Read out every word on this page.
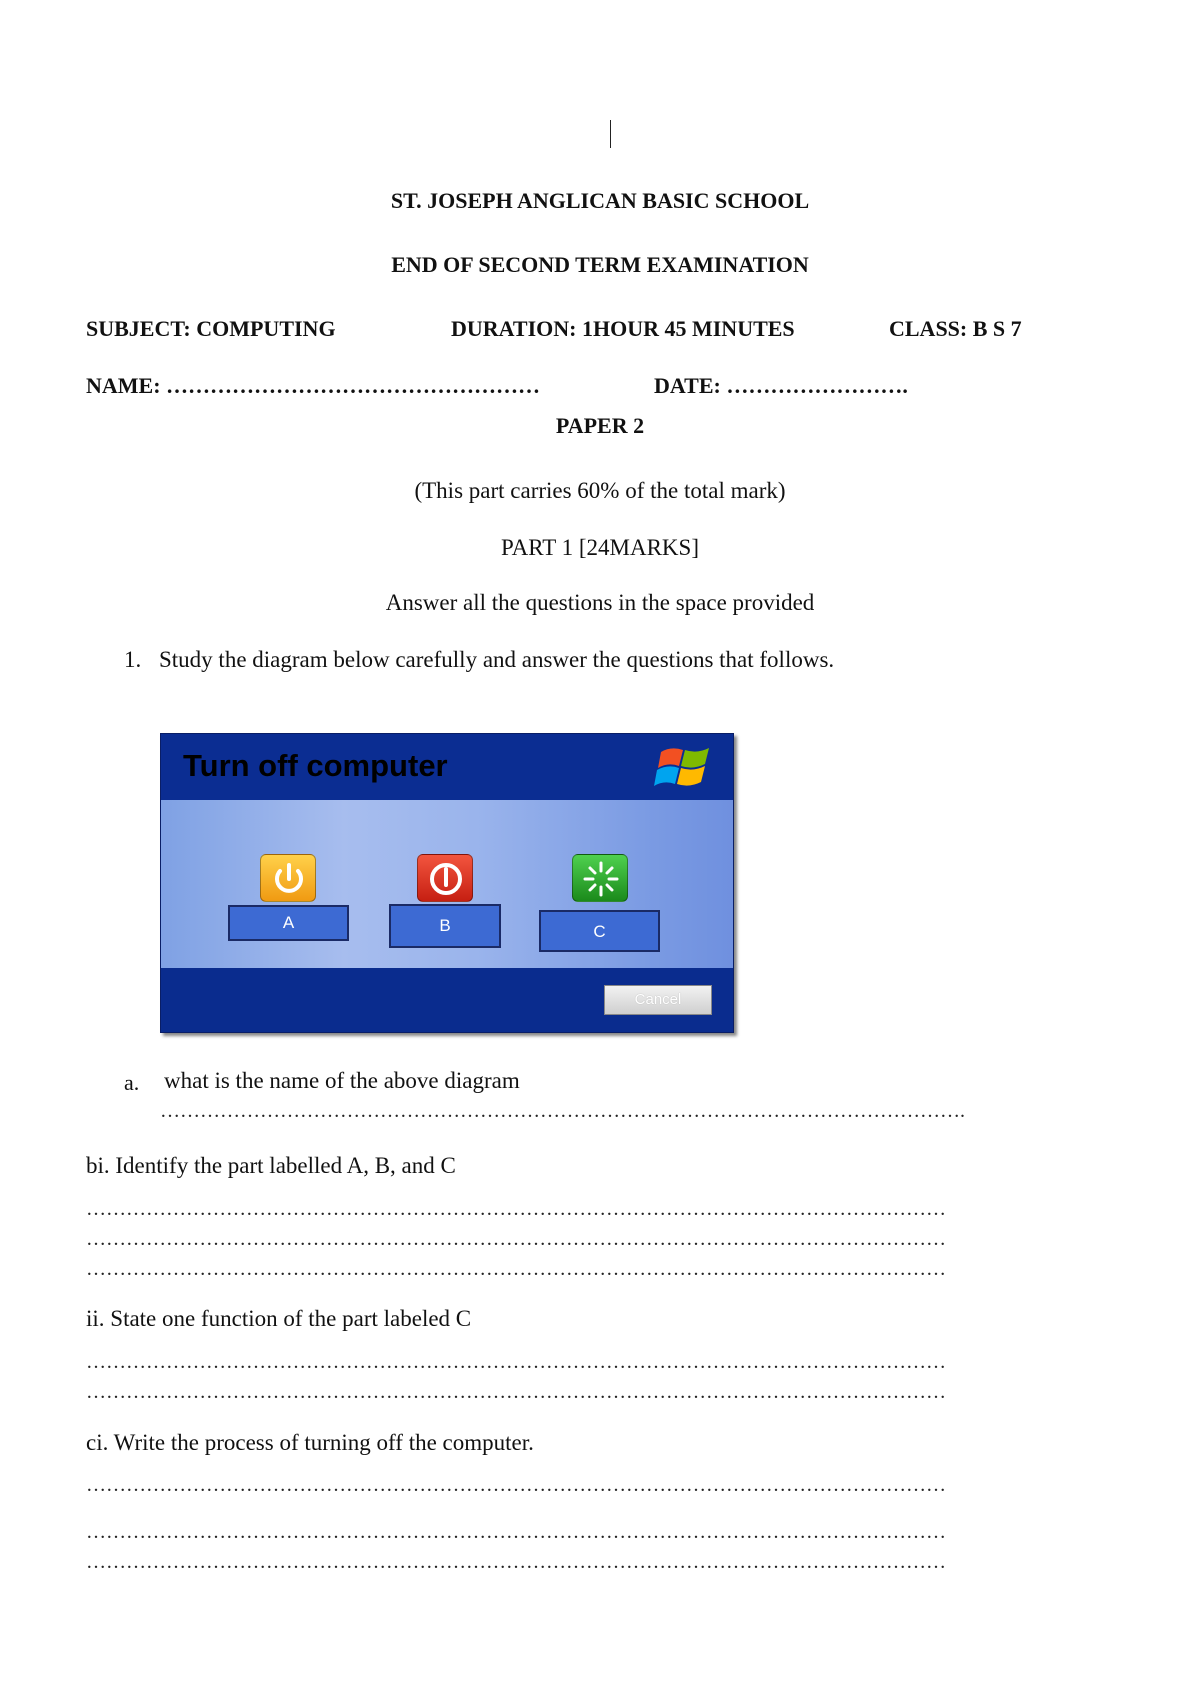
ST. JOSEPH ANGLICAN BASIC SCHOOL
END OF SECOND TERM EXAMINATION
SUBJECT: COMPUTING	DURATION: 1HOUR 45 MINUTES	CLASS: B S 7
NAME: ……………………………………………	DATE: …………………….
PAPER 2
(This part carries 60% of the total mark)
PART 1 [24MARKS]
Answer all the questions in the space provided
1. Study the diagram below carefully and answer the questions that follows.
Turn off computer
A	B	C
Cancel
a. what is the name of the above diagram
………………………………………………………………………………………………………….
bi. Identify the part labelled A, B, and C
…………………………………………………………………………………………………………………
…………………………………………………………………………………………………………………
…………………………………………………………………………………………………………………
ii. State one function of the part labeled C
…………………………………………………………………………………………………………………
…………………………………………………………………………………………………………………
ci. Write the process of turning off the computer.
…………………………………………………………………………………………………………………
…………………………………………………………………………………………………………………
…………………………………………………………………………………………………………………
